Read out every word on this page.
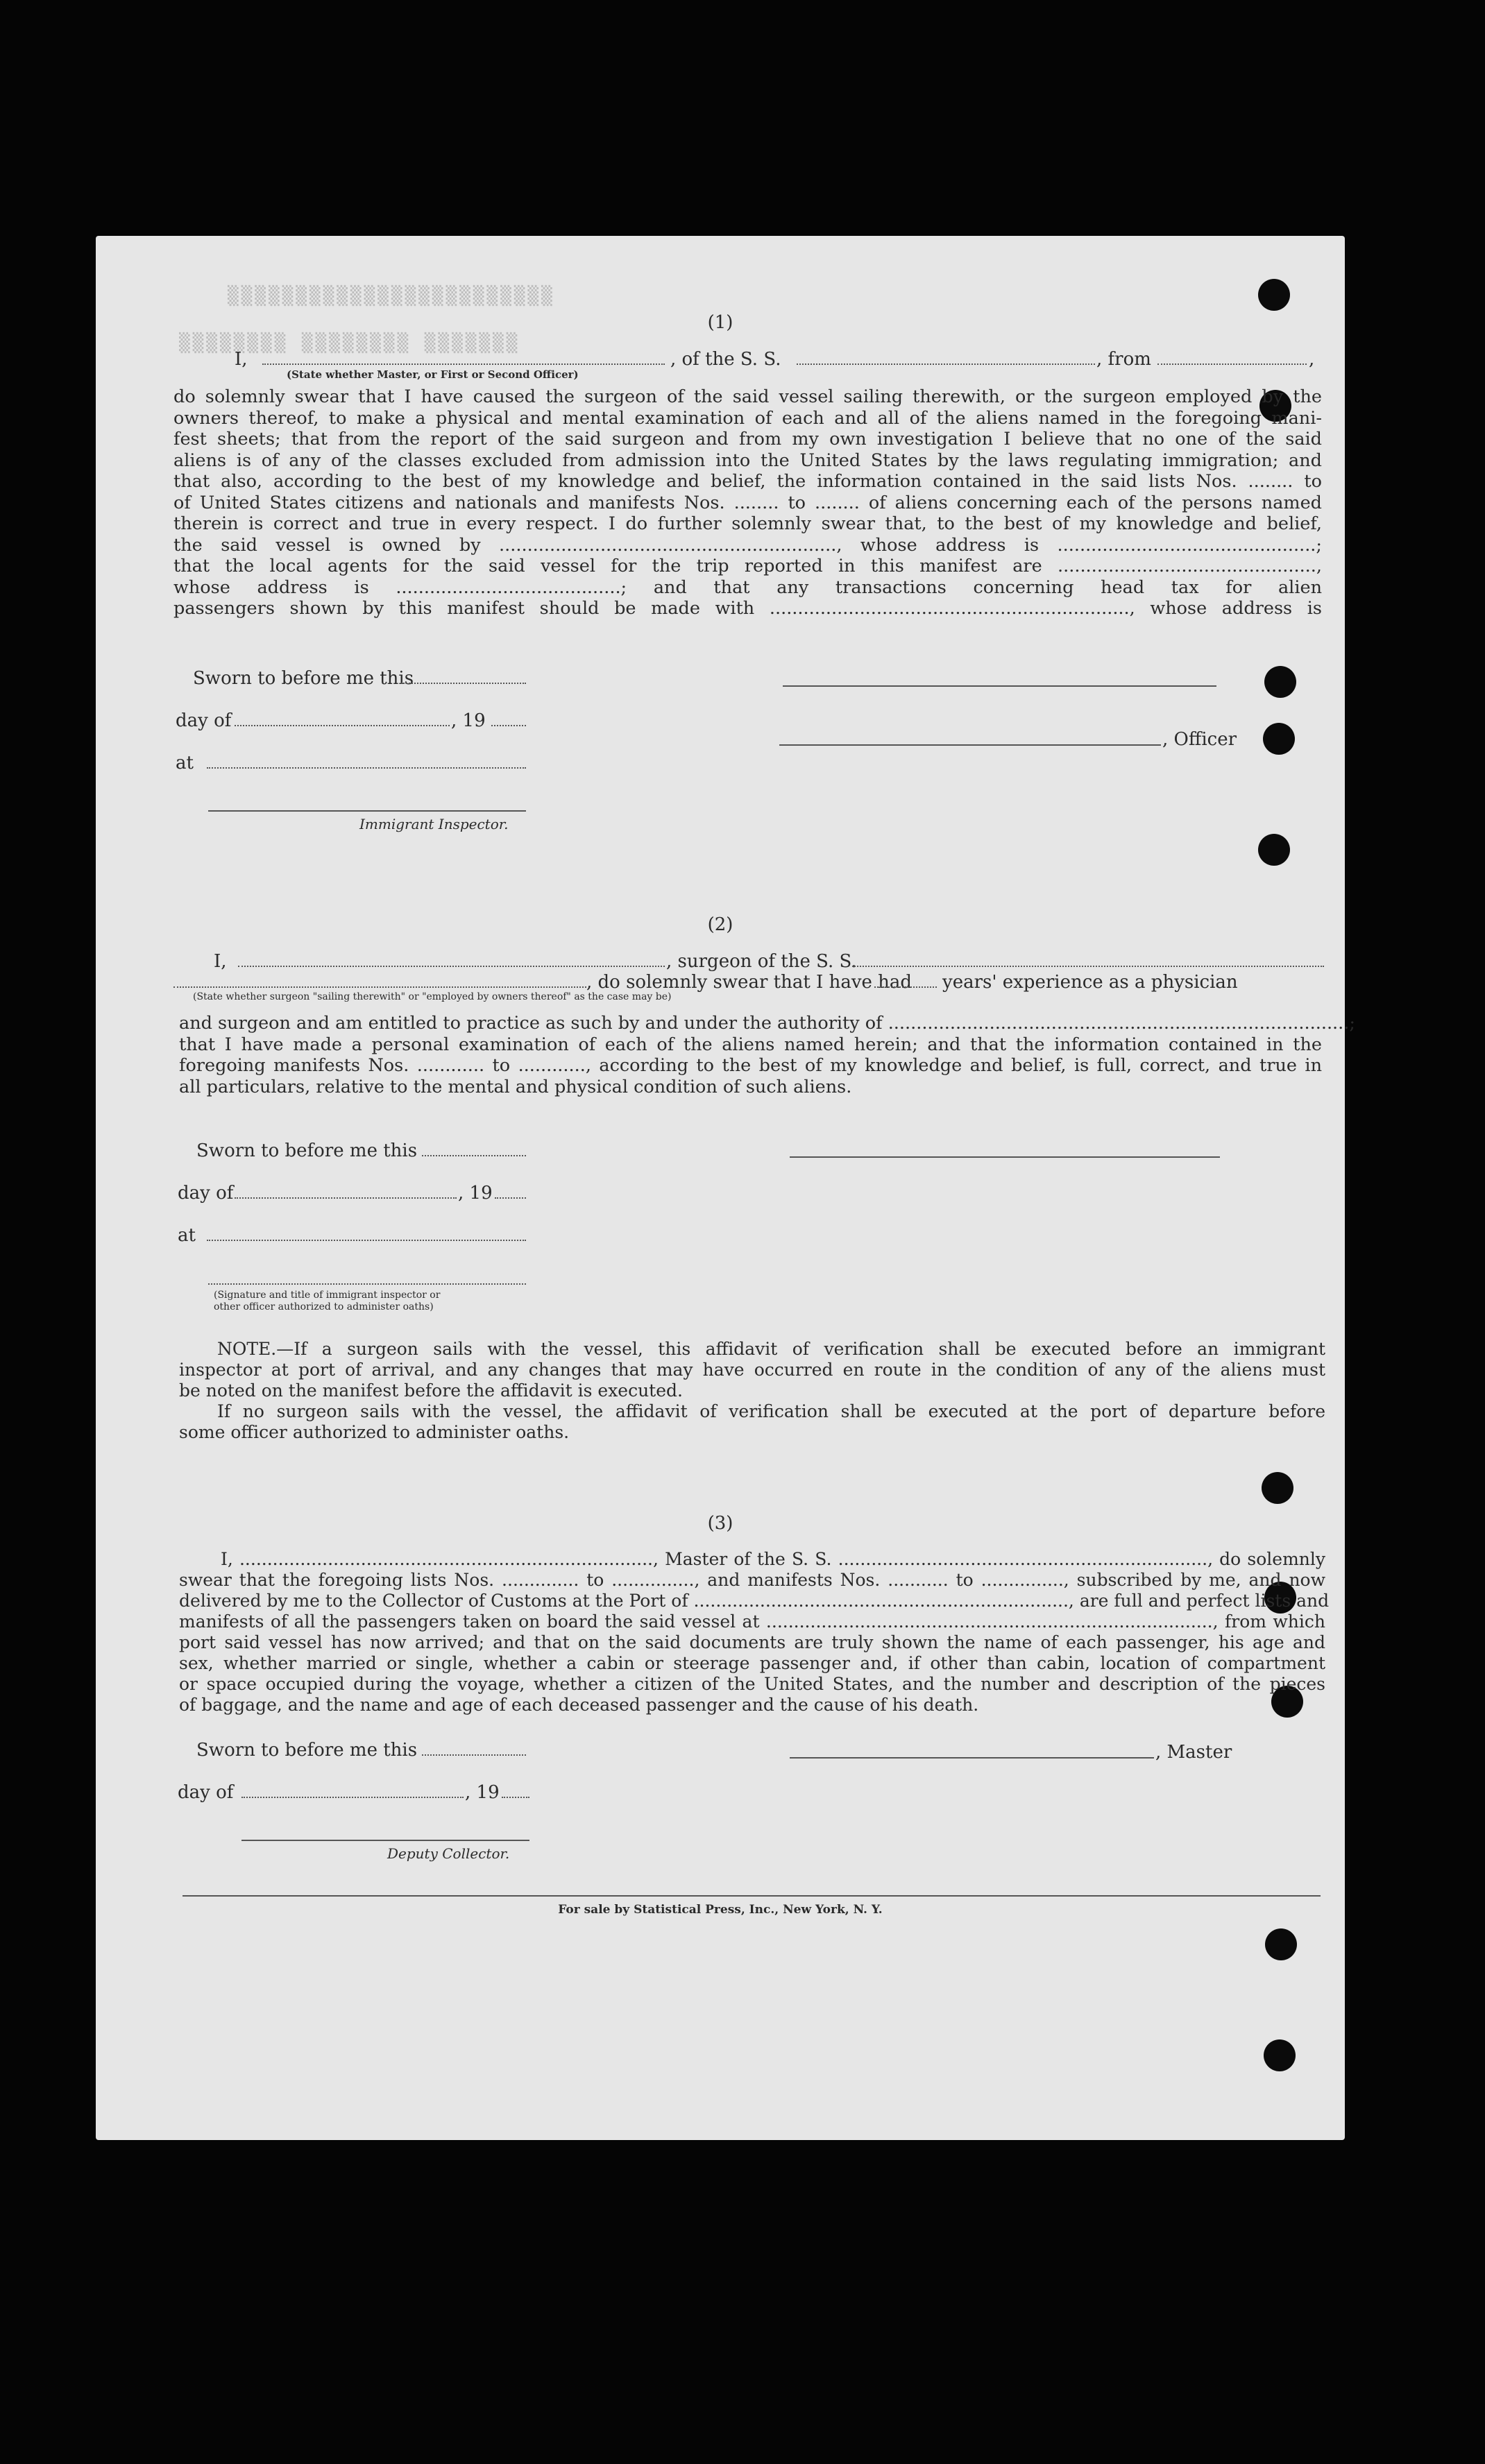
▒▒▒▒▒▒▒▒▒▒▒▒▒▒▒▒▒▒▒▒▒▒▒▒
▒▒▒▒▒▒▒▒ ▒▒▒▒▒▒▒▒ ▒▒▒▒▒▒▒
(1)
I,	, of the S. S.	, from	,
(State whether Master, or First or Second Officer)
do solemnly swear that I have caused the surgeon of the said vessel sailing therewith, or the surgeon employed by the
owners thereof, to make a physical and mental examination of each and all of the aliens named in the foregoing mani-
fest sheets; that from the report of the said surgeon and from my own investigation I believe that no one of the said
aliens is of any of the classes excluded from admission into the United States by the laws regulating immigration; and
that also, according to the best of my knowledge and belief, the information contained in the said lists Nos. ........ to
of United States citizens and nationals and manifests Nos. ........ to ........ of aliens concerning each of the persons named
therein is correct and true in every respect. I do further solemnly swear that, to the best of my knowledge and belief,
the said vessel is owned by ............................................................, whose address is ..............................................;
that the local agents for the said vessel for the trip reported in this manifest are ..............................................,
whose address is ........................................; and that any transactions concerning head tax for alien
passengers shown by this manifest should be made with ................................................................, whose address is
Sworn to before me this
day of	, 19
, Officer
at
Immigrant Inspector.
(2)
I,	, surgeon of the S. S.
, do solemnly swear that I have had years' experience as a physician
(State whether surgeon "sailing therewith" or "employed by owners thereof" as the case may be)
and surgeon and am entitled to practice as such by and under the authority of ..................................................................................;
that I have made a personal examination of each of the aliens named herein; and that the information contained in the
foregoing manifests Nos. ............ to ............, according to the best of my knowledge and belief, is full, correct, and true in
all particulars, relative to the mental and physical condition of such aliens.
Sworn to before me this
day of	, 19
at
(Signature and title of immigrant inspector or
other officer authorized to administer oaths)
NOTE.—If a surgeon sails with the vessel, this affidavit of verification shall be executed before an immigrant
inspector at port of arrival, and any changes that may have occurred en route in the condition of any of the aliens must
be noted on the manifest before the affidavit is executed.
If no surgeon sails with the vessel, the affidavit of verification shall be executed at the port of departure before
some officer authorized to administer oaths.
(3)
I, ..........................................................................., Master of the S. S. ..................................................................., do solemnly
swear that the foregoing lists Nos. .............. to ..............., and manifests Nos. ........... to ..............., subscribed by me, and now
delivered by me to the Collector of Customs at the Port of ...................................................................., are full and perfect lists and
manifests of all the passengers taken on board the said vessel at ................................................................................., from which
port said vessel has now arrived; and that on the said documents are truly shown the name of each passenger, his age and
sex, whether married or single, whether a cabin or steerage passenger and, if other than cabin, location of compartment
or space occupied during the voyage, whether a citizen of the United States, and the number and description of the pieces
of baggage, and the name and age of each deceased passenger and the cause of his death.
Sworn to before me this	, Master
day of	, 19
Deputy Collector.
For sale by Statistical Press, Inc., New York, N. Y.
